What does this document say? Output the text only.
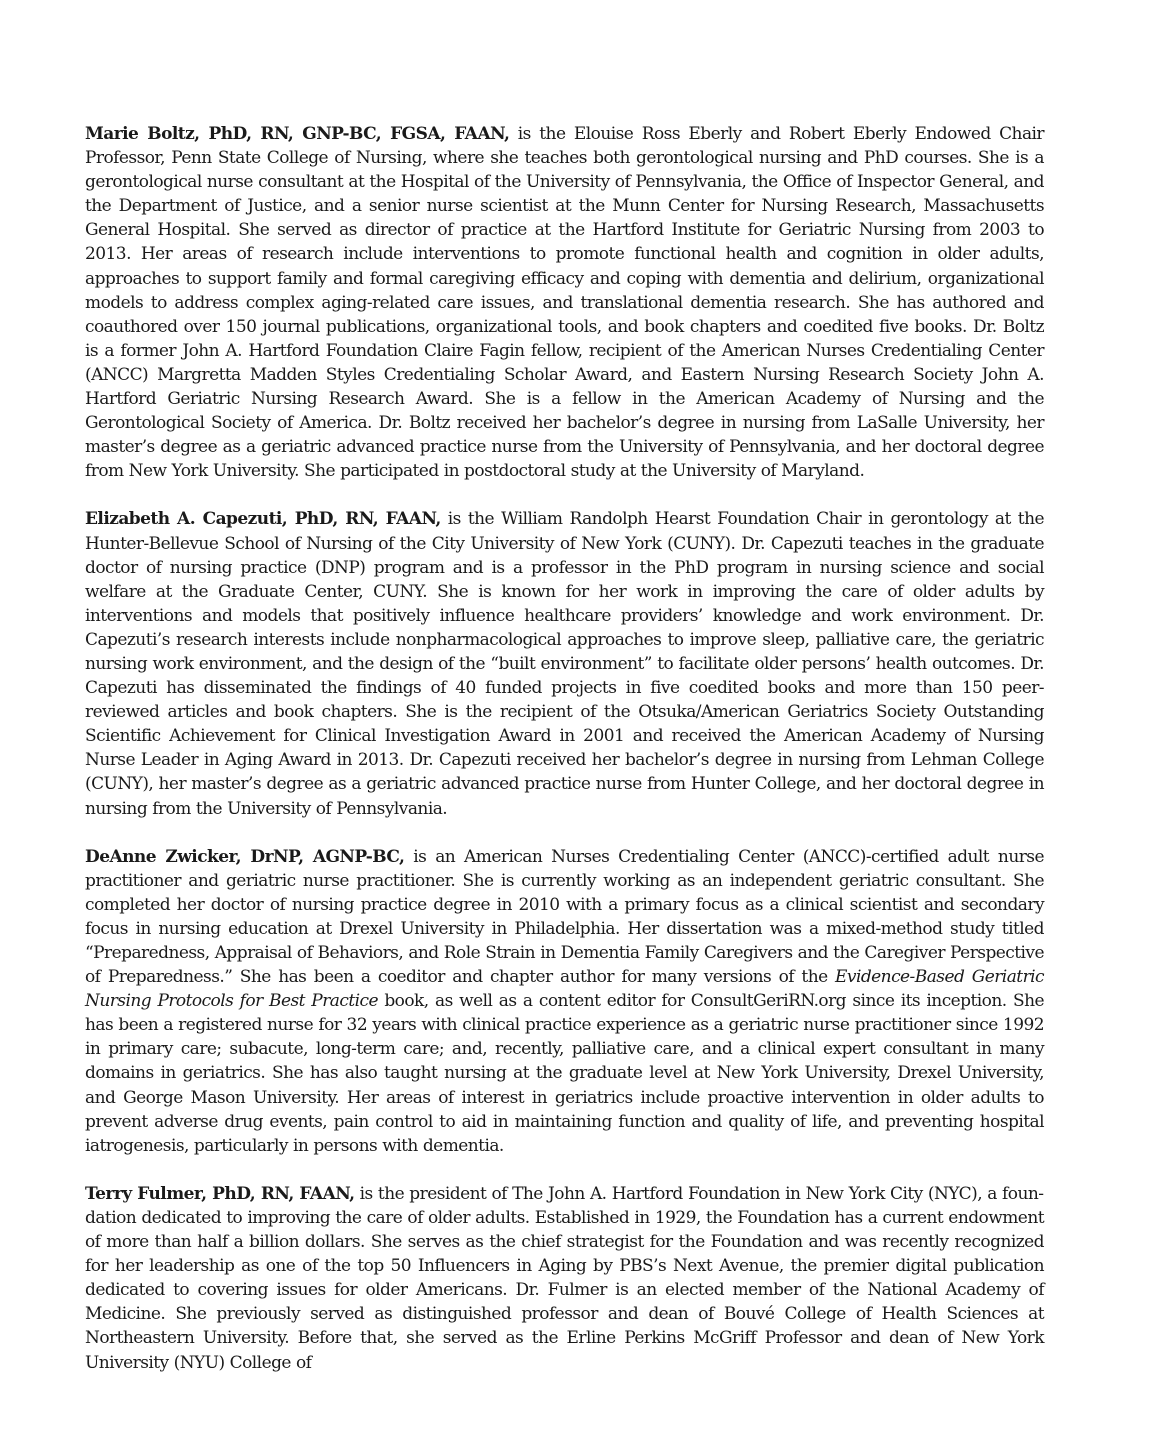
Marie Boltz, PhD, RN, GNP-BC, FGSA, FAAN, is the Elouise Ross Eberly and Robert Eberly Endowed Chair Professor, Penn State College of Nursing, where she teaches both gerontological nursing and PhD courses. She is a gerontological nurse consultant at the Hospital of the University of Pennsylvania, the Office of Inspector General, and the Department of Justice, and a senior nurse scientist at the Munn Center for Nursing Research, Massachusetts General Hospital. She served as director of practice at the Hartford Institute for Geriatric Nursing from 2003 to 2013. Her areas of research include interventions to promote functional health and cognition in older adults, approaches to support family and formal caregiving efficacy and coping with dementia and delirium, organizational models to address complex aging-related care issues, and translational dementia research. She has authored and coauthored over 150 journal publications, organizational tools, and book chapters and coedited five books. Dr. Boltz is a former John A. Hartford Foundation Claire Fagin fellow, recipient of the American Nurses Credentialing Center (ANCC) Margretta Madden Styles Credentialing Scholar Award, and Eastern Nursing Research Society John A. Hartford Geriatric Nursing Research Award. She is a fellow in the American Academy of Nursing and the Gerontological Society of America. Dr. Boltz received her bachelor’s degree in nursing from LaSalle University, her master’s degree as a geriatric advanced practice nurse from the University of Pennsylvania, and her doctoral degree from New York University. She participated in postdoctoral study at the University of Maryland.

Elizabeth A. Capezuti, PhD, RN, FAAN, is the William Randolph Hearst Foundation Chair in gerontology at the Hunter-Bellevue School of Nursing of the City University of New York (CUNY). Dr. Capezuti teaches in the graduate doctor of nursing practice (DNP) program and is a professor in the PhD program in nursing science and social welfare at the Graduate Center, CUNY. She is known for her work in improving the care of older adults by interventions and models that positively influence healthcare providers’ knowledge and work environment. Dr. Capezuti’s research interests include nonpharmacological approaches to improve sleep, palliative care, the geriatric nursing work environment, and the design of the “built environment” to facilitate older persons’ health outcomes. Dr. Capezuti has disseminated the findings of 40 funded projects in five coedited books and more than 150 peer-reviewed articles and book chapters. She is the recipient of the Otsuka/American Geriatrics Society Outstanding Scientific Achievement for Clinical Investigation Award in 2001 and received the American Academy of Nursing Nurse Leader in Aging Award in 2013. Dr. Capezuti received her bachelor’s degree in nursing from Lehman College (CUNY), her master’s degree as a geriatric advanced practice nurse from Hunter College, and her doctoral degree in nursing from the University of Pennsylvania.

DeAnne Zwicker, DrNP, AGNP-BC, is an American Nurses Credentialing Center (ANCC)-certified adult nurse practitioner and geriatric nurse practitioner. She is currently working as an independent geriatric consultant. She completed her doctor of nursing practice degree in 2010 with a primary focus as a clinical scientist and secondary focus in nursing education at Drexel University in Philadelphia. Her dissertation was a mixed-method study titled “Preparedness, Appraisal of Behaviors, and Role Strain in Dementia Family Caregivers and the Caregiver Perspective of Preparedness.” She has been a coeditor and chapter author for many versions of the Evidence-Based Geriatric Nursing Protocols for Best Practice book, as well as a content editor for ConsultGeriRN.org since its inception. She has been a registered nurse for 32 years with clinical practice experience as a geriatric nurse practitioner since 1992 in primary care; subacute, long-term care; and, recently, palliative care, and a clinical expert consultant in many domains in geriatrics. She has also taught nursing at the graduate level at New York University, Drexel University, and George Mason University. Her areas of interest in geriatrics include proactive intervention in older adults to prevent adverse drug events, pain control to aid in maintaining function and quality of life, and preventing hospital iatrogenesis, particularly in persons with dementia.

Terry Fulmer, PhD, RN, FAAN, is the president of The John A. Hartford Foundation in New York City (NYC), a foundation dedicated to improving the care of older adults. Established in 1929, the Foundation has a current endowment of more than half a billion dollars. She serves as the chief strategist for the Foundation and was recently recognized for her leadership as one of the top 50 Influencers in Aging by PBS’s Next Avenue, the premier digital publication dedicated to covering issues for older Americans. Dr. Fulmer is an elected member of the National Academy of Medicine. She previously served as distinguished professor and dean of Bouvé College of Health Sciences at Northeastern University. Before that, she served as the Erline Perkins McGriff Professor and dean of New York University (NYU) College of
